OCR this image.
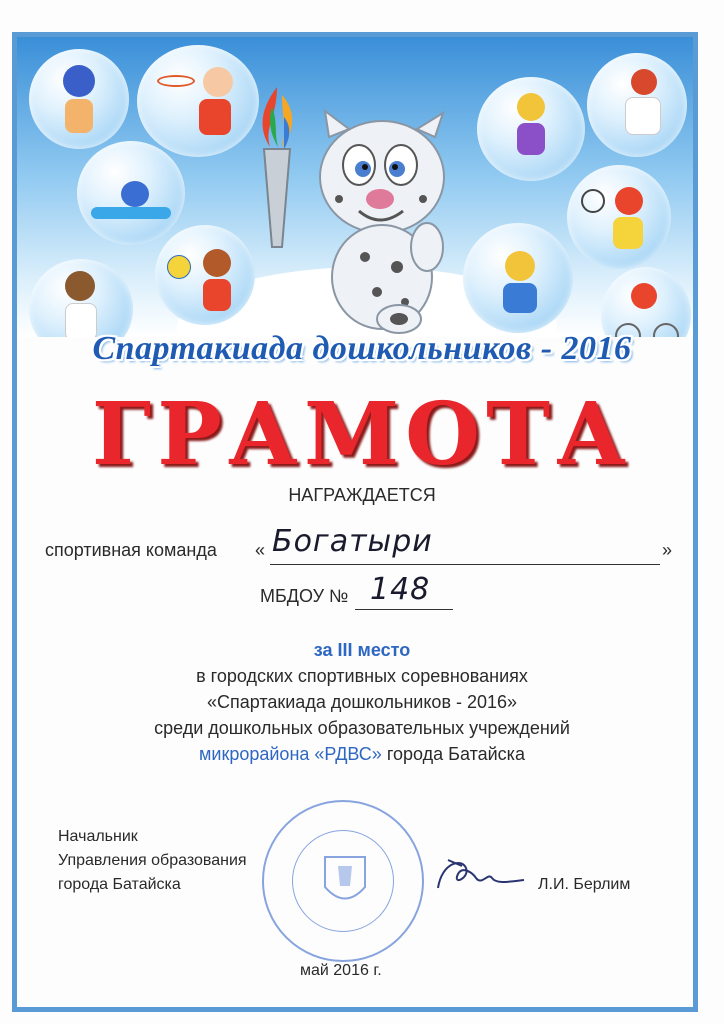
Спартакиада дошкольников - 2016
ГРАМОТА
НАГРАЖДАЕТСЯ
спортивная команда « Богатыри	»
МБДОУ № 148
за III место
в городских спортивных соревнованиях
«Спартакиада дошкольников - 2016»
среди дошкольных образовательных учреждений
микрорайона «РДВС» города Батайска
Начальник
Управления образования
города Батайска	Л.И. Берлим
май 2016 г.
